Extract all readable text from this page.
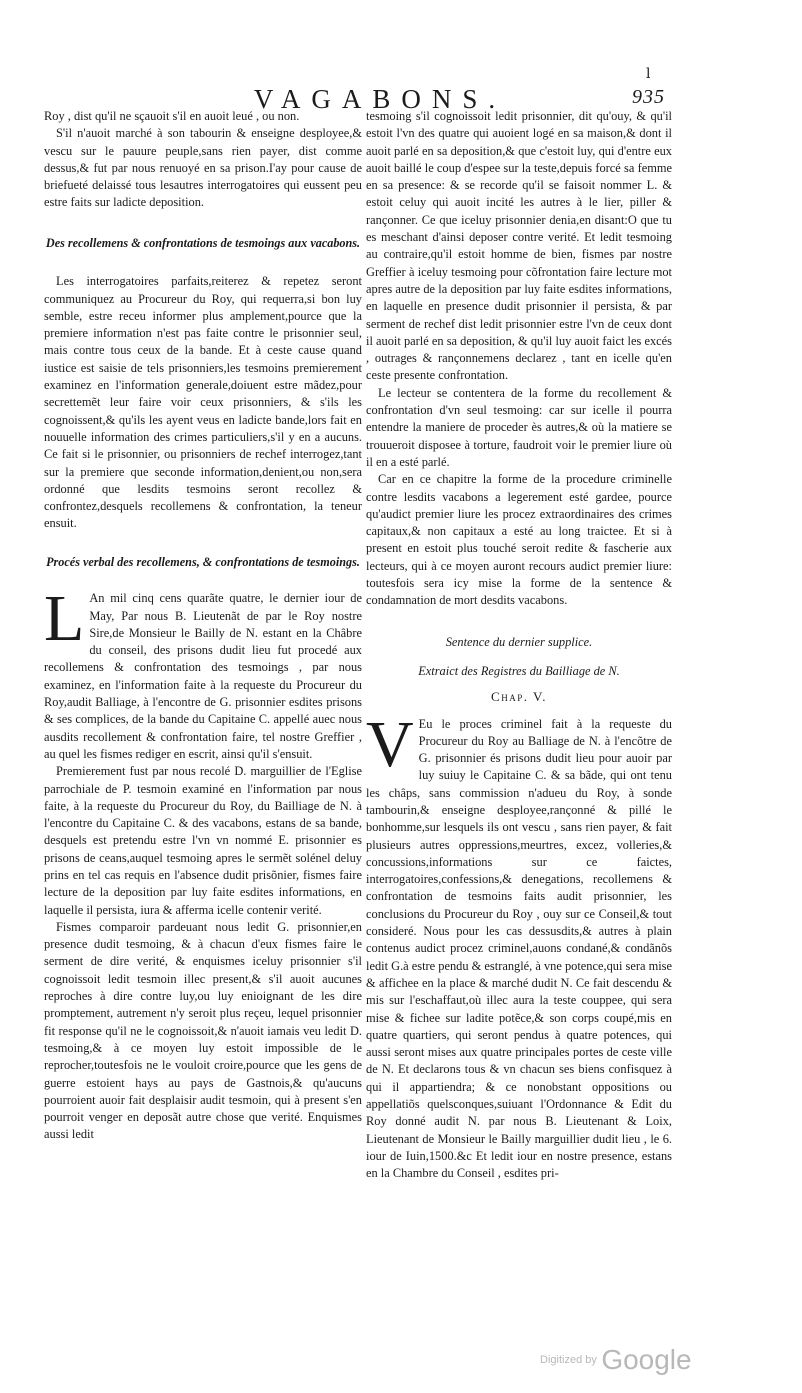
l
VAGABONS.	935

Roy , dist qu'il ne sçauoit s'il en auoit leué , ou non.

S'il n'auoit marché à son tabourin & enseigne desployee,& vescu sur le pauure peuple,sans rien payer, dist comme dessus,& fut par nous renuoyé en sa prison.I'ay pour cause de briefueté delaissé tous lesautres interrogatoires qui eussent peu estre faits sur ladicte deposition.

Des recollemens & confrontations de tesmoings aux vacabons.

Les interrogatoires parfaits,reiterez & repetez seront communiquez au Procureur du Roy, qui requerra,si bon luy semble, estre receu informer plus amplement,pource que la premiere information n'est pas faite contre le prisonnier seul, mais contre tous ceux de la bande. Et à ceste cause quand iustice est saisie de tels prisonniers,les tesmoins premierement examinez en l'information generale,doiuent estre mãdez,pour secrettemẽt leur faire voir ceux prisonniers, & s'ils les cognoissent,& qu'ils les ayent veus en ladicte bande,lors fait en nouuelle information des crimes particuliers,s'il y en a aucuns. Ce fait si le prisonnier, ou prisonniers de rechef interrogez,tant sur la premiere que seconde information,denient,ou non,sera ordonné que lesdits tesmoins seront recollez & confrontez,desquels recollemens & confrontation, la teneur ensuit.

Procés verbal des recollemens, & confrontations de tesmoings.

L An mil cinq cens quarãte quatre, le dernier iour de May, Par nous B. Lieutenãt de par le Roy nostre Sire,de Monsieur le Bailly de N. estant en la Châbre du conseil, des prisons dudit lieu fut procedé aux recollemens & confrontation des tesmoings , par nous examinez, en l'information faite à la requeste du Procureur du Roy,audit Balliage, à l'encontre de G. prisonnier esdites prisons & ses complices, de la bande du Capitaine C. appellé auec nous ausdits recollement & confrontation faire, tel nostre Greffier , au quel les fismes rediger en escrit, ainsi qu'il s'ensuit.

Premierement fust par nous recolé D. marguillier de l'Eglise parrochiale de P. tesmoin examiné en l'information par nous faite, à la requeste du Procureur du Roy, du Bailliage de N. à l'encontre du Capitaine C. & des vacabons, estans de sa bande, desquels est pretendu estre l'vn vn nommé E. prisonnier es prisons de ceans,auquel tesmoing apres le sermẽt solénel deluy prins en tel cas requis en l'absence dudit prisõnier, fismes faire lecture de la deposition par luy faite esdites informations, en laquelle il persista, iura & afferma icelle contenir verité.

Fismes comparoir pardeuant nous ledit G. prisonnier,en presence dudit tesmoing, & à chacun d'eux fismes faire le serment de dire verité, & enquismes iceluy prisonnier s'il cognoissoit ledit tesmoin illec present,& s'il auoit aucunes reproches à dire contre luy,ou luy enioignant de les dire promptement, autrement n'y seroit plus reçeu, lequel prisonnier fit response qu'il ne le cognoissoit,& n'auoit iamais veu ledit D. tesmoing,& à ce moyen luy estoit impossible de le reprocher,toutesfois ne le vouloit croire,pource que les gens de guerre estoient hays au pays de Gastnois,& qu'aucuns pourroient auoir fait desplaisir audit tesmoin, qui à present s'en pourroit venger en deposãt autre chose que verité. Enquismes aussi ledit

tesmoing s'il cognoissoit ledit prisonnier, dit qu'ouy, & qu'il estoit l'vn des quatre qui auoient logé en sa maison,& dont il auoit parlé en sa deposition,& que c'estoit luy, qui d'entre eux auoit baillé le coup d'espee sur la teste,depuis forcé sa femme en sa presence: & se recorde qu'il se faisoit nommer L. & estoit celuy qui auoit incité les autres à le lier, piller & rançonner. Ce que iceluy prisonnier denia,en disant:O que tu es meschant d'ainsi deposer contre verité. Et ledit tesmoing au contraire,qu'il estoit homme de bien, fismes par nostre Greffier à iceluy tesmoing pour cõfrontation faire lecture mot apres autre de la deposition par luy faite esdites informations, en laquelle en presence dudit prisonnier il persista, & par serment de rechef dist ledit prisonnier estre l'vn de ceux dont il auoit parlé en sa deposition, & qu'il luy auoit faict les excés , outrages & rançonnemens declarez , tant en icelle qu'en ceste presente confrontation.

Le lecteur se contentera de la forme du recollement & confrontation d'vn seul tesmoing: car sur icelle il pourra entendre la maniere de proceder ès autres,& où la matiere se trouueroit disposee à torture, faudroit voir le premier liure où il en a esté parlé.

Car en ce chapitre la forme de la procedure criminelle contre lesdits vacabons a legerement esté gardee, pource qu'audict premier liure les procez extraordinaires des crimes capitaux,& non capitaux a esté au long traictee. Et si à present en estoit plus touché seroit redite & fascherie aux lecteurs, qui à ce moyen auront recours audict premier liure: toutesfois sera icy mise la forme de la sentence & condamnation de mort desdits vacabons.

Sentence du dernier supplice.
Extraict des Registres du Bailliage de N.
Chap. V.

V Eu le proces criminel fait à la requeste du Procureur du Roy au Balliage de N. à l'encõtre de G. prisonnier és prisons dudit lieu pour auoir par luy suiuy le Capitaine C. & sa bãde, qui ont tenu les châps, sans commission n'adueu du Roy, à sonde tambourin,& enseigne desployee,rançonné & pillé le bonhomme,sur lesquels ils ont vescu , sans rien payer, & fait plusieurs autres oppressions,meurtres, excez, volleries,& concussions,informations sur ce faictes, interrogatoires,confessions,& denegations, recollemens & confrontation de tesmoins faits audit prisonnier, les conclusions du Procureur du Roy , ouy sur ce Conseil,& tout consideré. Nous pour les cas dessusdits,& autres à plain contenus audict procez criminel,auons condané,& condãnõs ledit G.à estre pendu & estranglé, à vne potence,qui sera mise & affichee en la place & marché dudit N. Ce fait descendu & mis sur l'eschaffaut,où illec aura la teste couppee, qui sera mise & fichee sur ladite potẽce,& son corps coupé,mis en quatre quartiers, qui seront pendus à quatre potences, qui aussi seront mises aux quatre principales portes de ceste ville de N. Et declarons tous & vn chacun ses biens confisquez à qui il appartiendra; & ce nonobstant oppositions ou appellatiõs quelsconques,suiuant l'Ordonnance & Edit du Roy donné audit N. par nous B. Lieutenant & Loix, Lieutenant de Monsieur le Bailly marguillier dudit lieu , le 6. iour de Iuin,1500.&c Et ledit iour en nostre presence, estans en la Chambre du Conseil , esdites pri-

Digitized by Google
